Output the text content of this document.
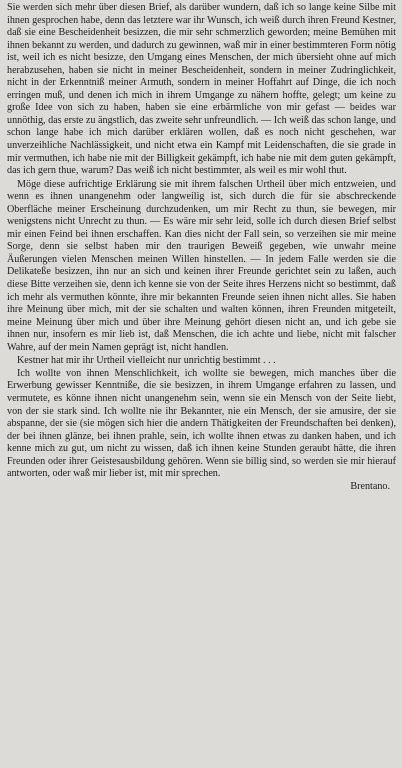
Sie werden sich mehr über diesen Brief, als darüber wundern, daß ich so lange keine Silbe mit ihnen gesprochen habe, denn das letztere war ihr Wunsch, ich weiß durch ihren Freund Kestner, daß sie eine Bescheidenheit besizzen, die mir sehr schmerzlich geworden; meine Bemühen mit ihnen bekannt zu werden, und dadurch zu gewinnen, waß mir in einer bestimmteren Form nötig ist, weil ich es nicht besizze, den Umgang eines Menschen, der mich übersieht ohne auf mich herabzusehen, haben sie nicht in meiner Bescheidenheit, sondern in meiner Zudringlichkeit, nicht in der Erkenntniß meiner Armuth, sondern in meiner Hoffahrt auf Dinge, die ich noch erringen muß, und denen ich mich in ihrem Umgange zu nähern hoffte, gelegt; um keine zu große Idee von sich zu haben, haben sie eine erbärmliche von mir gefast — beides war unnöthig, das erste zu ängstlich, das zweite sehr unfreundlich. — Ich weiß das schon lange, und schon lange habe ich mich darüber erklären wollen, daß es noch nicht geschehen, war unverzeihliche Nachlässigkeit, und nicht etwa ein Kampf mit Leidenschaften, die sie grade in mir vermuthen, ich habe nie mit der Billigkeit gekämpft, ich habe nie mit dem guten gekämpft, das ich gern thue, warum? Das weiß ich nicht bestimmter, als weil es mir wohl thut.

Möge diese aufrichtige Erklärung sie mit ihrem falschen Urtheil über mich entzweien, und wenn es ihnen unangenehm oder langweilig ist, sich durch die für sie abschreckende Oberfläche meiner Erscheinung durchzudenken, um mir Recht zu thun, sie bewegen, mir wenigstens nicht Unrecht zu thun. — Es wäre mir sehr leid, solle ich durch diesen Brief selbst mir einen Feind bei ihnen erschaffen. Kan dies nicht der Fall sein, so verzeihen sie mir meine Sorge, denn sie selbst haben mir den traurigen Beweiß gegeben, wie unwahr meine Äußerungen vielen Menschen meinen Willen hinstellen. — In jedem Falle werden sie die Delikateße besizzen, ihn nur an sich und keinen ihrer Freunde gerichtet sein zu laßen, auch diese Bitte verzeihen sie, denn ich kenne sie von der Seite ihres Herzens nicht so bestimmt, daß ich mehr als vermuthen könnte, ihre mir bekannten Freunde seien ihnen nicht alles. Sie haben ihre Meinung über mich, mit der sie schalten und walten können, ihren Freunden mitgeteilt, meine Meinung über mich und über ihre Meinung gehört diesen nicht an, und ich gebe sie ihnen nur, insofern es mir lieb ist, daß Menschen, die ich achte und liebe, nicht mit falscher Wahre, auf der mein Namen geprägt ist, nicht handlen.

Kestner hat mir ihr Urtheil vielleicht nur unrichtig bestimmt . . .

Ich wollte von ihnen Menschlichkeit, ich wollte sie bewegen, mich manches über die Erwerbung gewisser Kenntniße, die sie besizzen, in ihrem Umgange erfahren zu lassen, und vermutete, es könne ihnen nicht unangenehm sein, wenn sie ein Mensch von der Seite liebt, von der sie stark sind. Ich wollte nie ihr Bekannter, nie ein Mensch, der sie amusire, der sie abspanne, der sie (sie mögen sich hier die andern Thätigkeiten der Freundschaften bei denken), der bei ihnen glänze, bei ihnen prahle, sein, ich wollte ihnen etwas zu danken haben, und ich kenne mich zu gut, um nicht zu wissen, daß ich ihnen keine Stunden geraubt hätte, die ihren Freunden oder ihrer Geistesausbildung gehören. Wenn sie billig sind, so werden sie mir hierauf antworten, oder waß mir lieber ist, mit mir sprechen.

Brentano.
